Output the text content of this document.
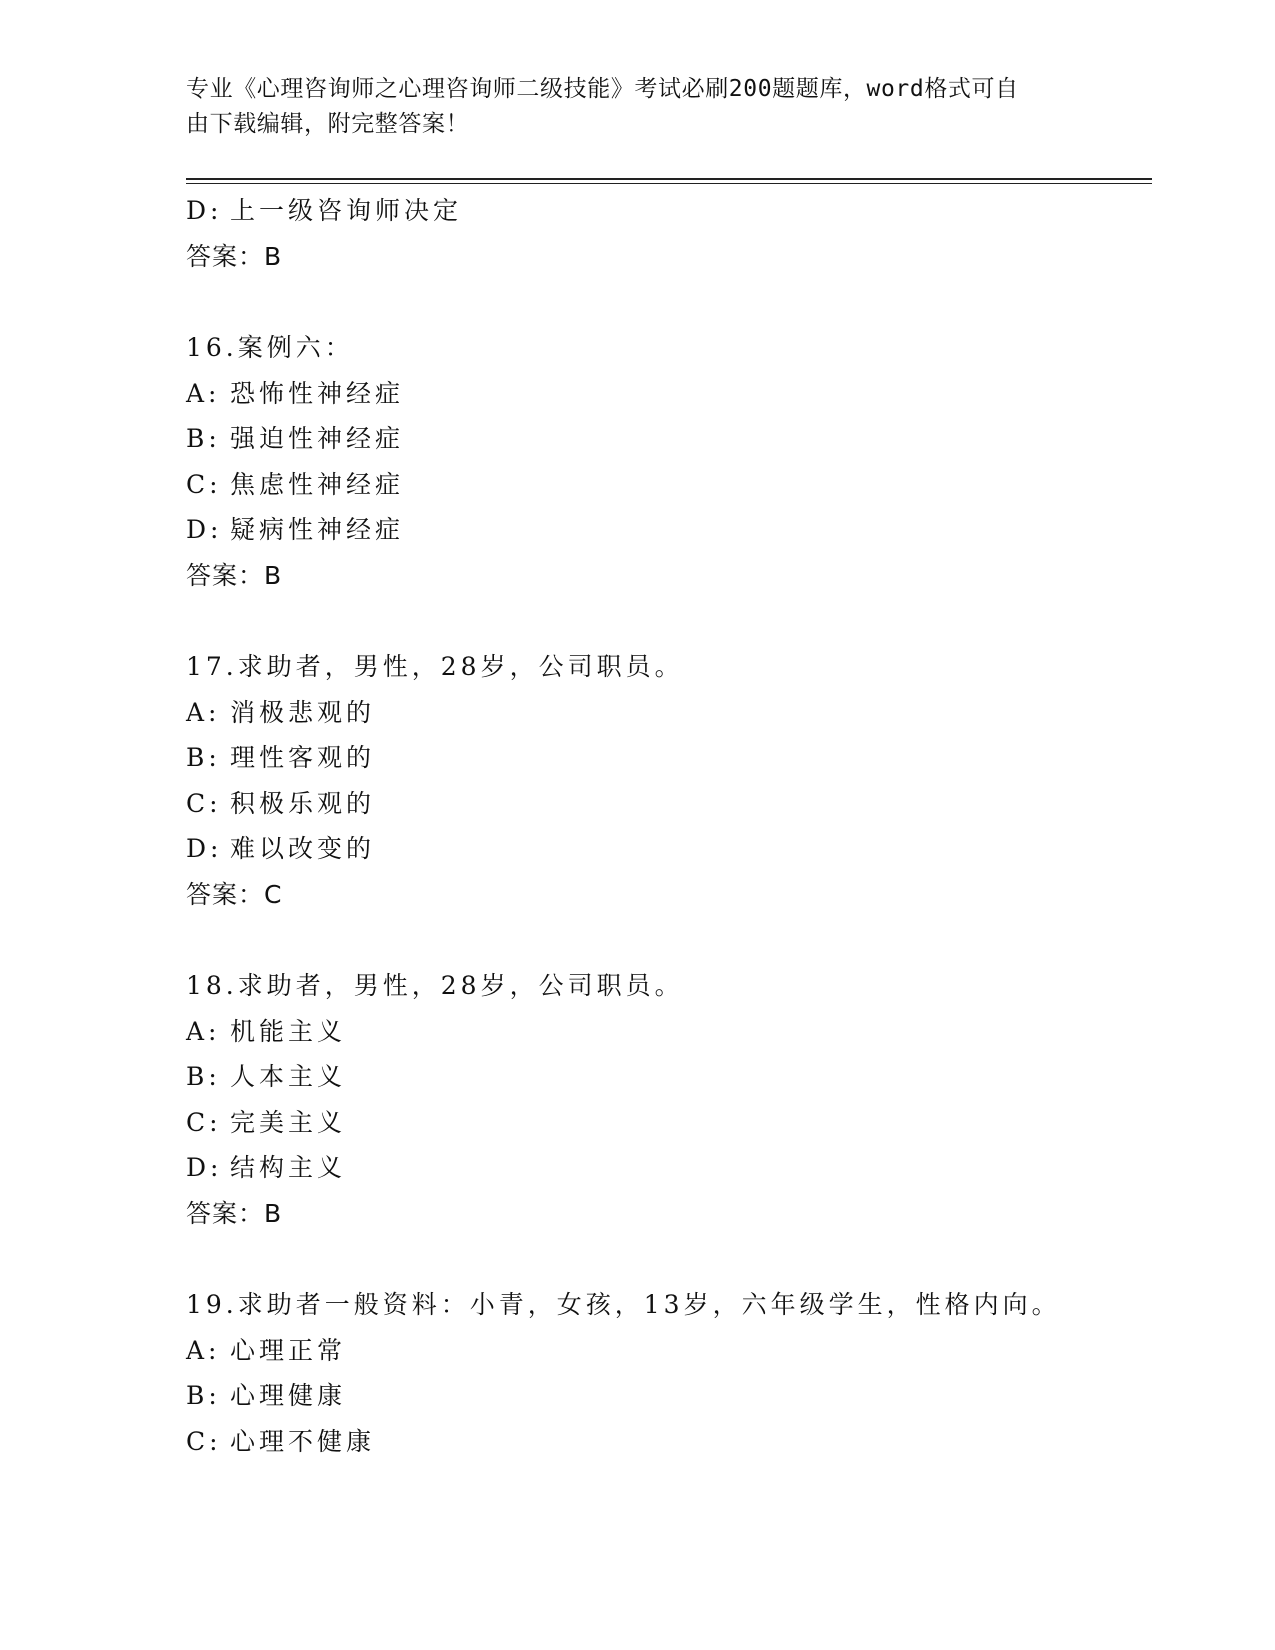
专业《心理咨询师之心理咨询师二级技能》考试必刷200题题库，word格式可自
由下载编辑，附完整答案！
D: 上一级咨询师决定
答案：B
16.案例六：
A: 恐怖性神经症
B: 强迫性神经症
C: 焦虑性神经症
D: 疑病性神经症
答案：B
17.求助者，男性，28岁，公司职员。
A: 消极悲观的
B: 理性客观的
C: 积极乐观的
D: 难以改变的
答案：C
18.求助者，男性，28岁，公司职员。
A: 机能主义
B: 人本主义
C: 完美主义
D: 结构主义
答案：B
19.求助者一般资料：小青，女孩，13岁，六年级学生，性格内向。
A: 心理正常
B: 心理健康
C: 心理不健康
